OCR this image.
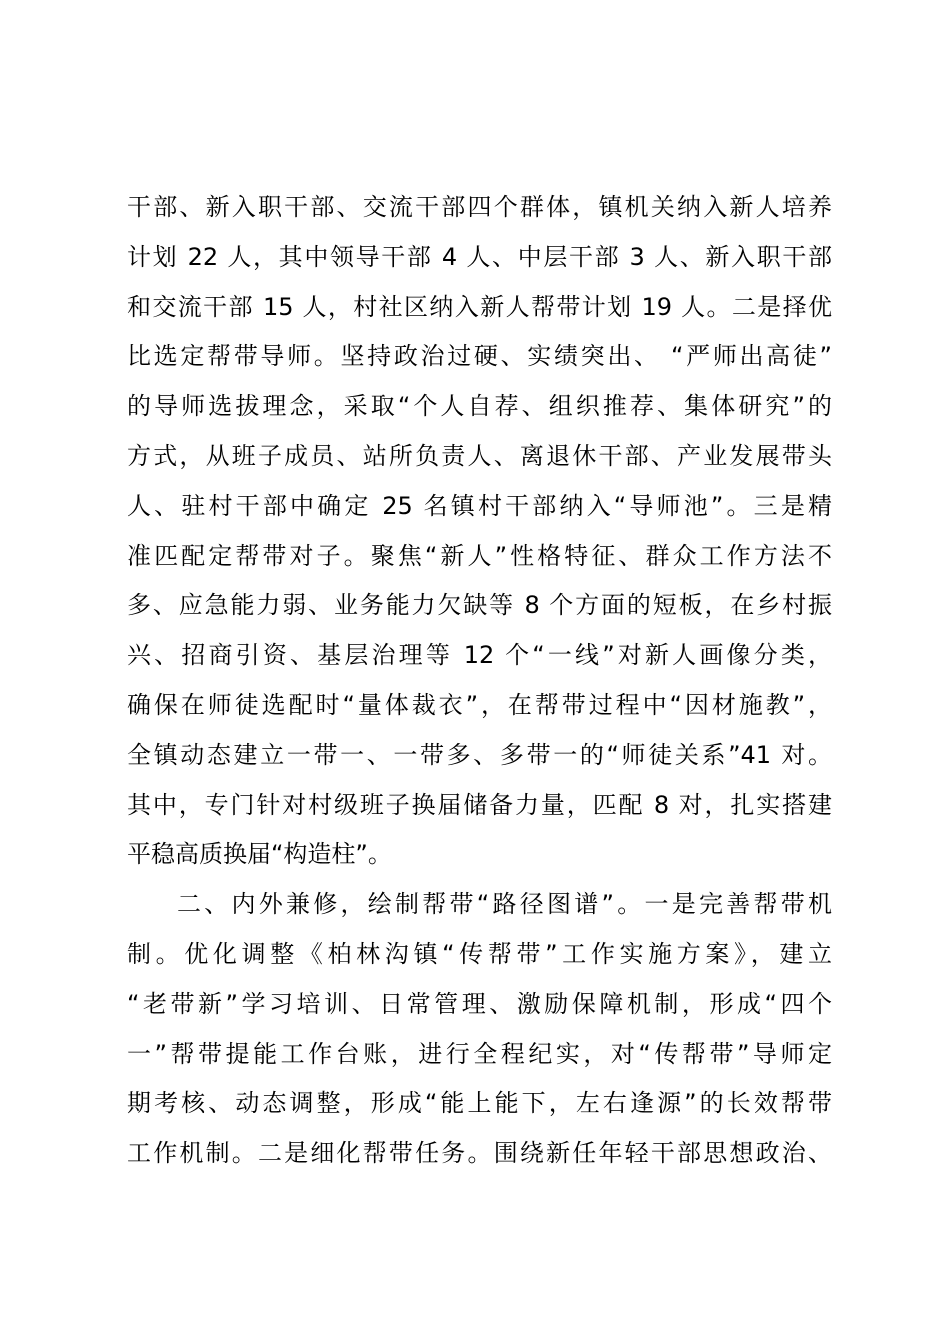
干部、新入职干部、交流干部四个群体，镇机关纳入新人培养
计划 22 人，其中领导干部 4 人、中层干部 3 人、新入职干部
和交流干部 15 人，村社区纳入新人帮带计划 19 人。二是择优
比选定帮带导师。坚持政治过硬、实绩突出、 “严师出高徒”
的导师选拔理念，采取“个人自荐、组织推荐、集体研究”的
方式，从班子成员、站所负责人、离退休干部、产业发展带头
人、驻村干部中确定 25 名镇村干部纳入“导师池”。三是精
准匹配定帮带对子。聚焦“新人”性格特征、群众工作方法不
多、应急能力弱、业务能力欠缺等 8 个方面的短板，在乡村振
兴、招商引资、基层治理等 12 个“一线”对新人画像分类，
确保在师徒选配时“量体裁衣”，在帮带过程中“因材施教”，
全镇动态建立一带一、一带多、多带一的“师徒关系”41 对。
其中，专门针对村级班子换届储备力量，匹配 8 对，扎实搭建
平稳高质换届“构造柱”。
二、内外兼修，绘制帮带“路径图谱”。一是完善帮带机
制。优化调整《柏林沟镇“传帮带”工作实施方案》，建立
“老带新”学习培训、日常管理、激励保障机制，形成“四个
一”帮带提能工作台账，进行全程纪实，对“传帮带”导师定
期考核、动态调整，形成“能上能下，左右逢源”的长效帮带
工作机制。二是细化帮带任务。围绕新任年轻干部思想政治、
